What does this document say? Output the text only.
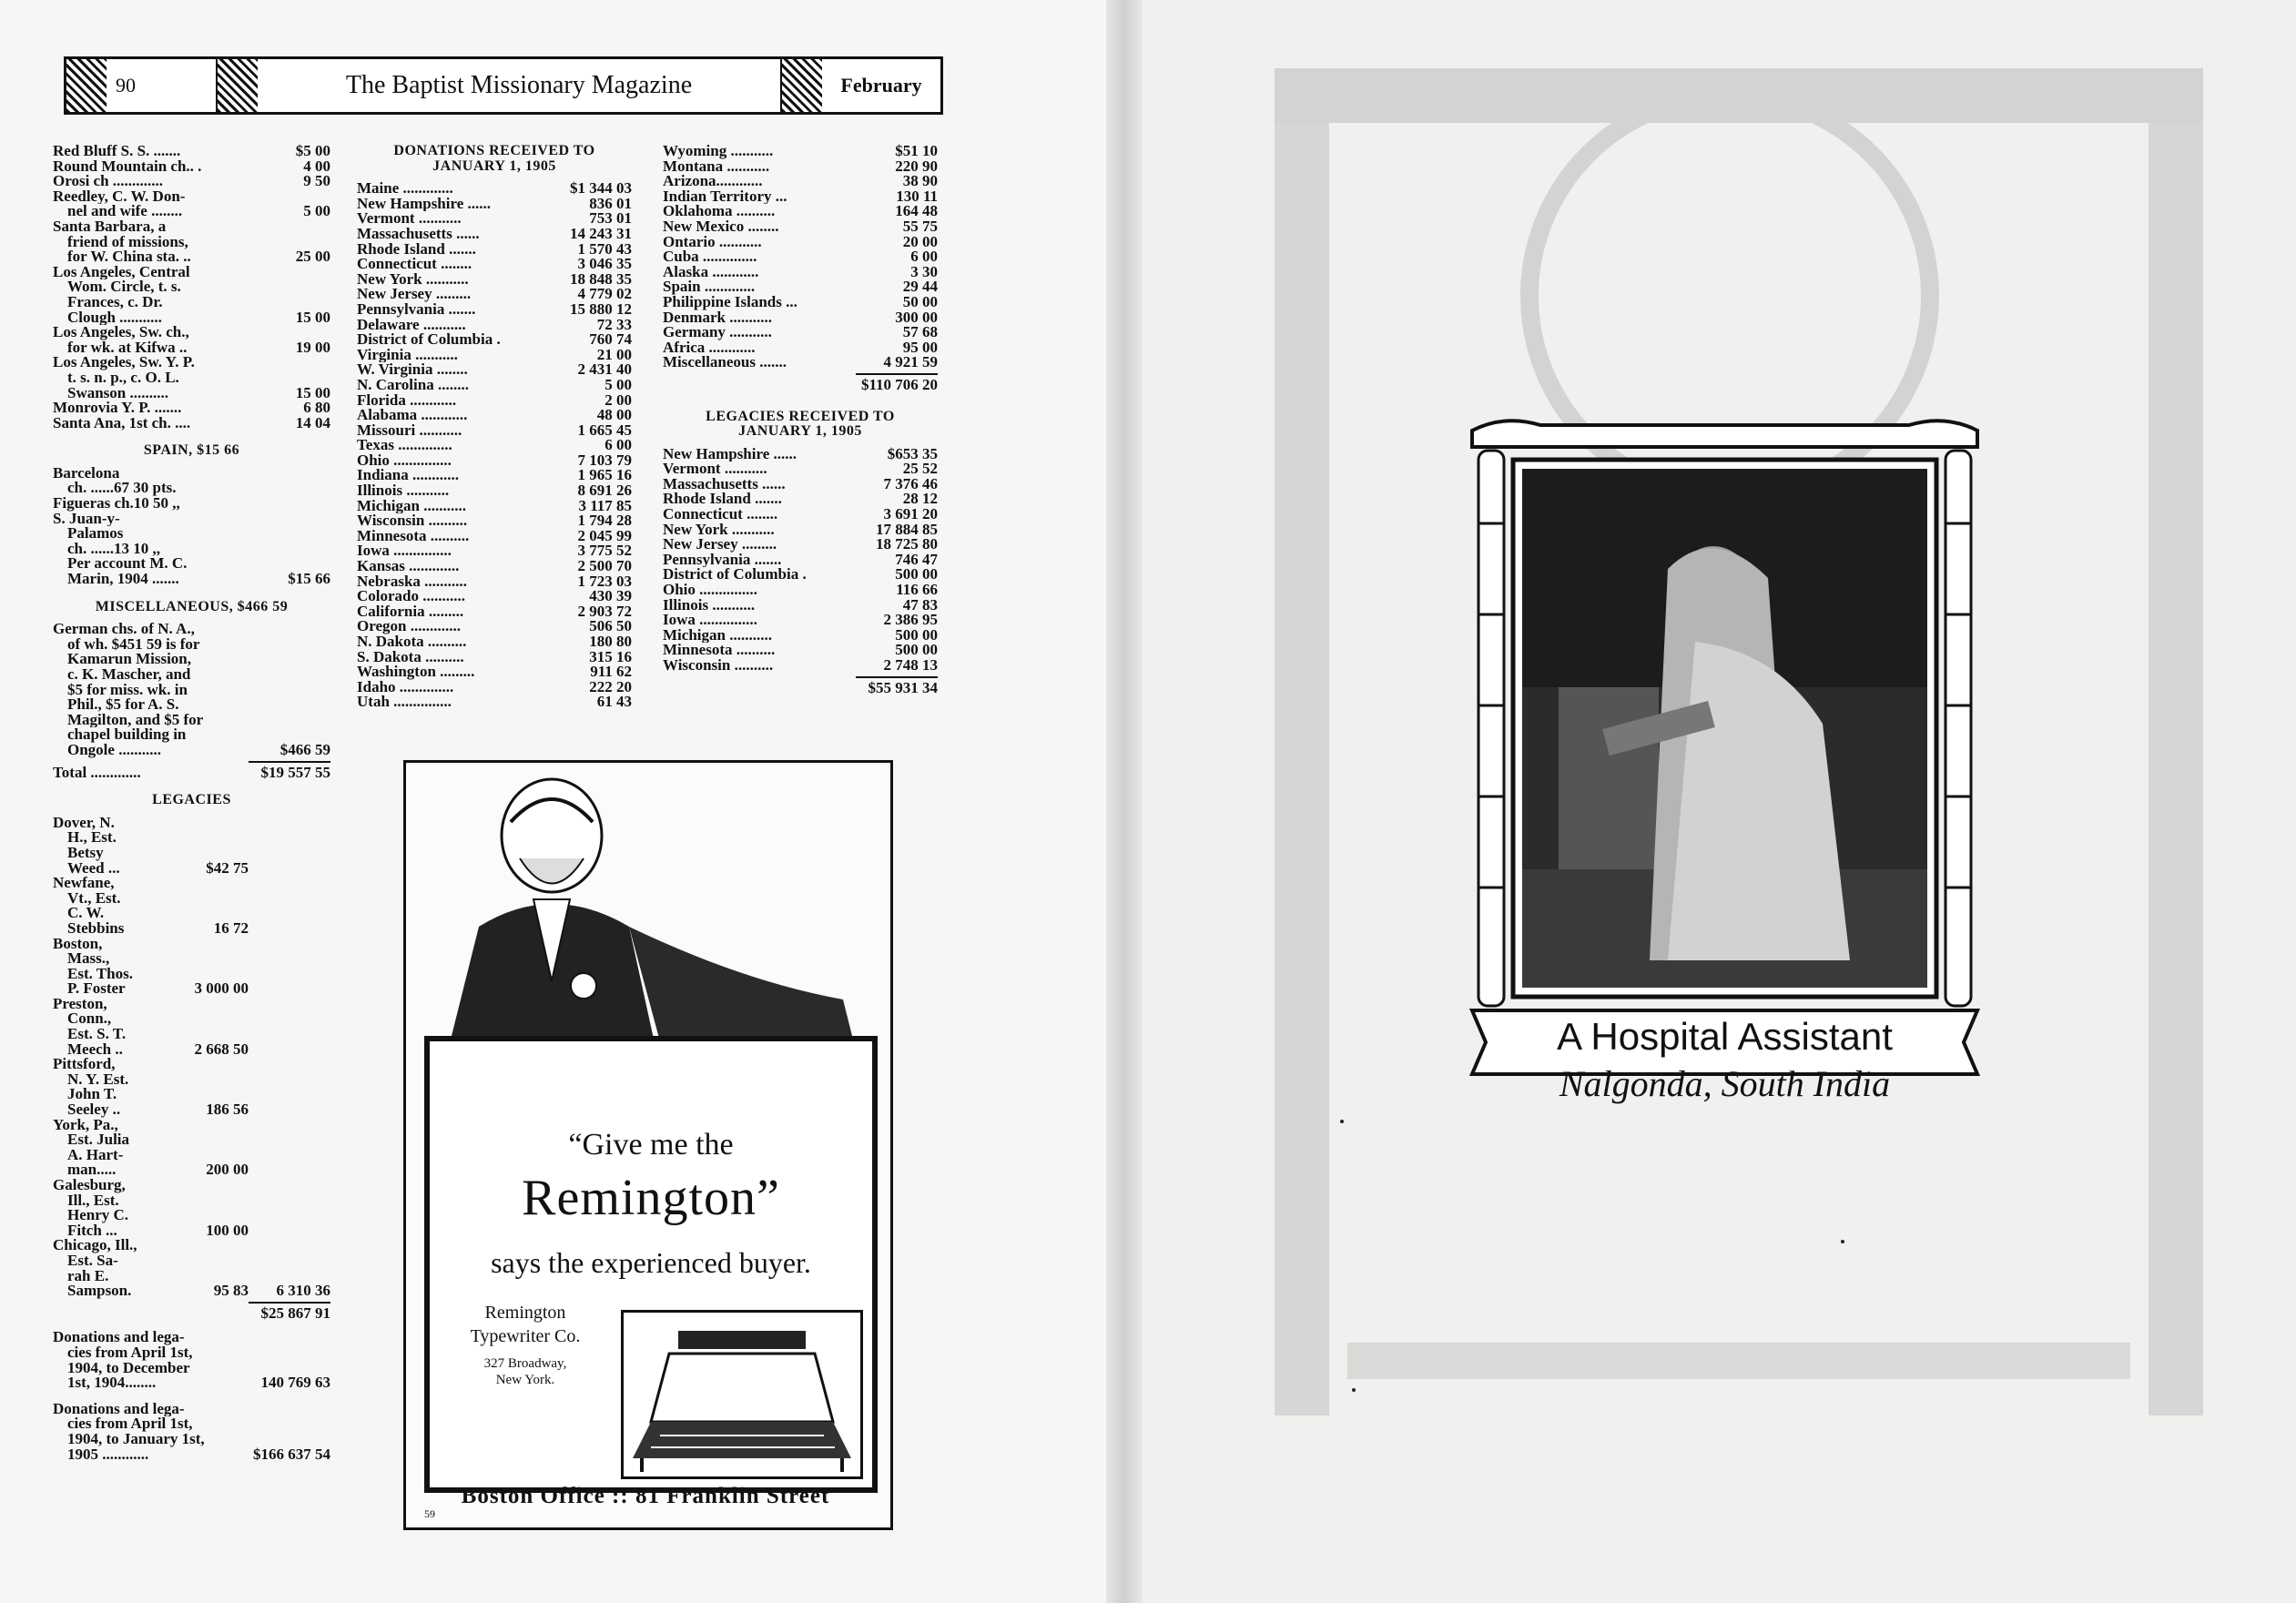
90	The Baptist Missionary Magazine	February
Red Bluff S. S. .......	$5 00
Round Mountain ch.. .	4 00
Orosi ch .............	9 50
Reedley, C. W. Don-
nel and wife ........	5 00
Santa Barbara, a
friend of missions,
for W. China sta. ..	25 00
Los Angeles, Central
Wom. Circle, t. s.
Frances, c. Dr.
Clough ...........	15 00
Los Angeles, Sw. ch.,
for wk. at Kifwa ..	19 00
Los Angeles, Sw. Y. P.
t. s. n. p., c. O. L.
Swanson ..........	15 00
Monrovia Y. P. .......	6 80
Santa Ana, 1st ch. ....	14 04
SPAIN, $15 66
Barcelona
ch. ......67 30 pts.
Figueras ch.10 50 ,,
S. Juan-y-
Palamos
ch. ......13 10 ,,
Per account M. C.
Marin, 1904 .......	$15 66
MISCELLANEOUS, $466 59
German chs. of N. A.,
of wh. $451 59 is for
Kamarun Mission,
c. K. Mascher, and
$5 for miss. wk. in
Phil., $5 for A. S.
Magilton, and $5 for
chapel building in
Ongole ...........	$466 59
Total .............	$19 557 55
LEGACIES
Dover, N.
H., Est.
Betsy
Weed ...	$42 75
Newfane,
Vt., Est.
C. W.
Stebbins	16 72
Boston,
Mass.,
Est. Thos.
P. Foster	3 000 00
Preston,
Conn.,
Est. S. T.
Meech ..	2 668 50
Pittsford,
N. Y. Est.
John T.
Seeley ..	186 56
York, Pa.,
Est. Julia
A. Hart-
man.....	200 00
Galesburg,
Ill., Est.
Henry C.
Fitch ...	100 00
Chicago, Ill.,
Est. Sa-
rah E.
Sampson.	95 83	6 310 36
$25 867 91
Donations and lega-
cies from April 1st,
1904, to December
1st, 1904........	140 769 63
Donations and lega-
cies from April 1st,
1904, to January 1st,
1905 ............	$166 637 54
DONATIONS RECEIVED TO
JANUARY 1, 1905
Maine .............	$1 344 03
New Hampshire ......	836 01
Vermont ...........	753 01
Massachusetts ......	14 243 31
Rhode Island .......	1 570 43
Connecticut ........	3 046 35
New York ...........	18 848 35
New Jersey .........	4 779 02
Pennsylvania .......	15 880 12
Delaware ...........	72 33
District of Columbia .	760 74
Virginia ...........	21 00
W. Virginia ........	2 431 40
N. Carolina ........	5 00
Florida ............	2 00
Alabama ............	48 00
Missouri ...........	1 665 45
Texas ..............	6 00
Ohio ...............	7 103 79
Indiana ............	1 965 16
Illinois ...........	8 691 26
Michigan ...........	3 117 85
Wisconsin ..........	1 794 28
Minnesota ..........	2 045 99
Iowa ...............	3 775 52
Kansas .............	2 500 70
Nebraska ...........	1 723 03
Colorado ...........	430 39
California .........	2 903 72
Oregon .............	506 50
N. Dakota ..........	180 80
S. Dakota ..........	315 16
Washington .........	911 62
Idaho ..............	222 20
Utah ...............	61 43
Wyoming ...........	$51 10
Montana ...........	220 90
Arizona............	38 90
Indian Territory ...	130 11
Oklahoma ..........	164 48
New Mexico ........	55 75
Ontario ...........	20 00
Cuba ..............	6 00
Alaska ............	3 30
Spain .............	29 44
Philippine Islands ...	50 00
Denmark ...........	300 00
Germany ...........	57 68
Africa ............	95 00
Miscellaneous .......	4 921 59
$110 706 20
LEGACIES RECEIVED TO
JANUARY 1, 1905
New Hampshire ......	$653 35
Vermont ...........	25 52
Massachusetts ......	7 376 46
Rhode Island .......	28 12
Connecticut ........	3 691 20
New York ...........	17 884 85
New Jersey .........	18 725 80
Pennsylvania .......	746 47
District of Columbia .	500 00
Ohio ...............	116 66
Illinois ...........	47 83
Iowa ...............	2 386 95
Michigan ...........	500 00
Minnesota ..........	500 00
Wisconsin ..........	2 748 13
$55 931 34
“Give me the
Remington”
says the experienced buyer.
Remington
Typewriter Co.
327 Broadway,
New York.
Boston Office :: 81 Franklin Street
59
A Hospital Assistant
Nalgonda, South India
